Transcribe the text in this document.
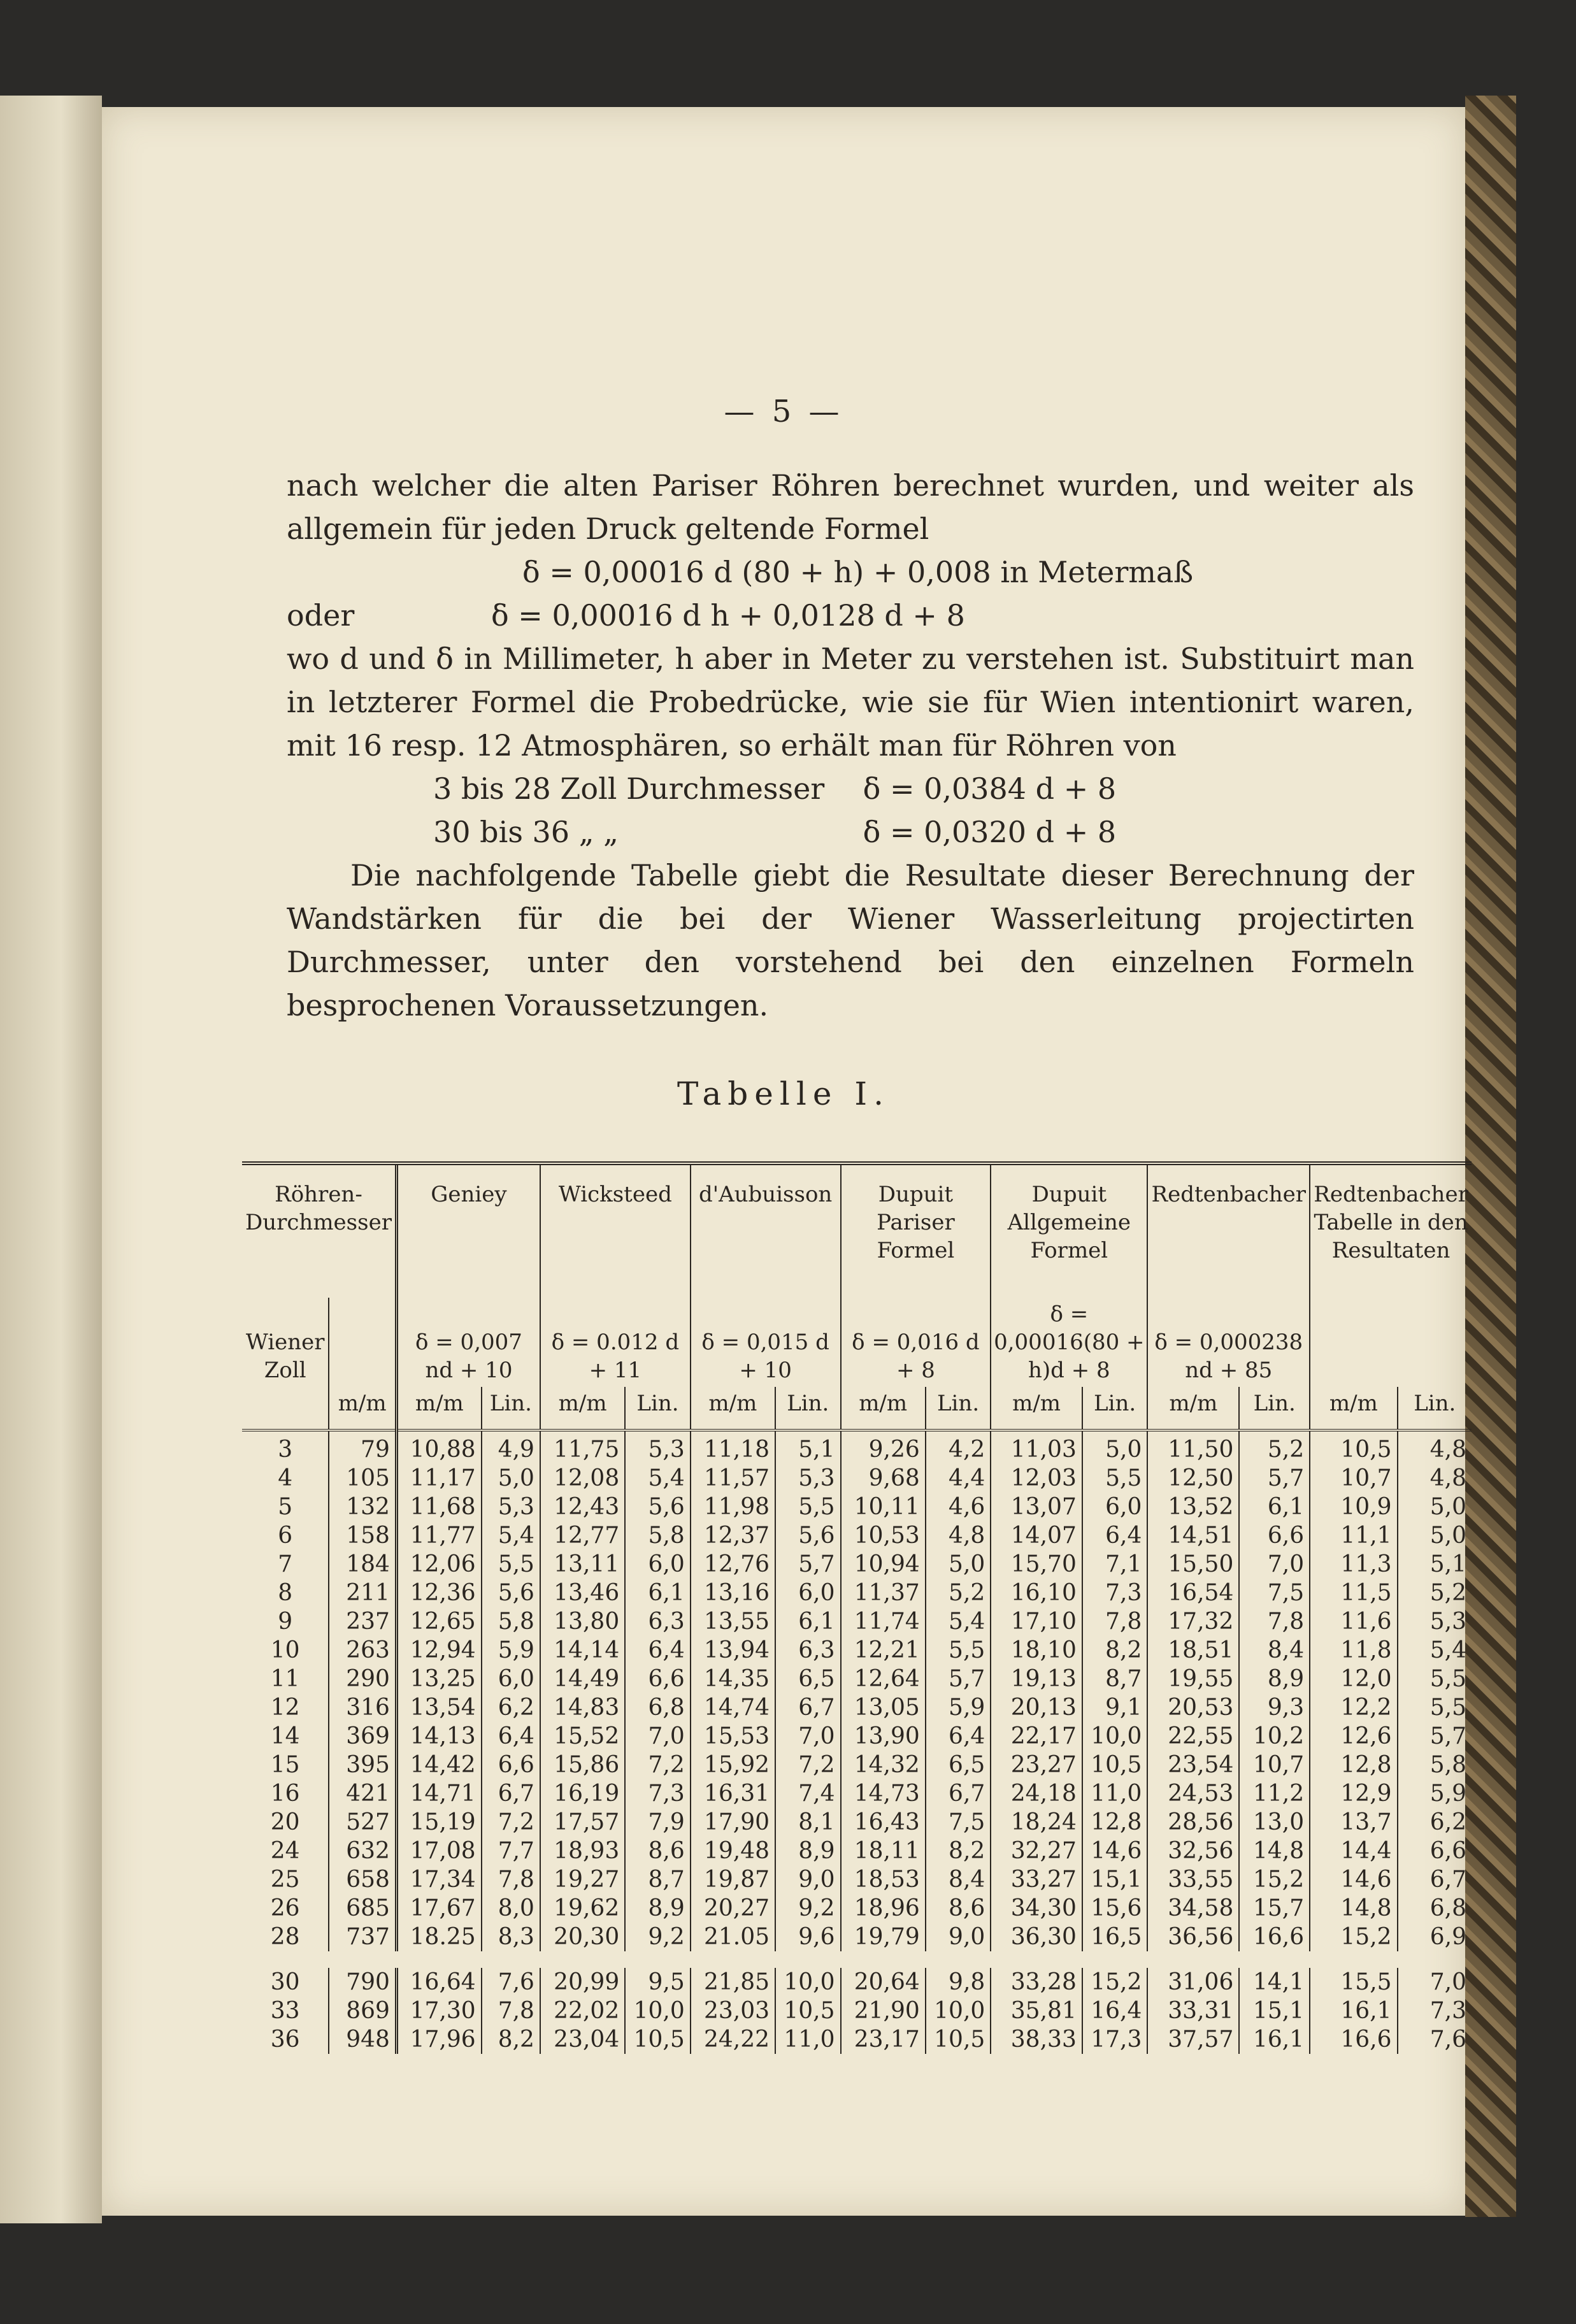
— 5 —

nach welcher die alten Pariser Röhren berechnet wurden, und weiter als allgemein für jeden Druck geltende Formel

δ = 0,00016 d (80 + h) + 0,008 in Metermaß

oder	δ = 0,00016 d h + 0,0128 d + 8

wo d und δ in Millimeter, h aber in Meter zu verstehen ist. Substituirt man in letzterer Formel die Probedrücke, wie sie für Wien intentionirt waren, mit 16 resp. 12 Atmosphären, so erhält man für Röhren von

3 bis 28 Zoll Durchmesser δ = 0,0384 d + 8

30 bis 36 „ „	δ = 0,0320 d + 8

Die nachfolgende Tabelle giebt die Resultate dieser Berechnung der Wandstärken für die bei der Wiener Wasserleitung projectirten Durchmesser, unter den vorstehend bei den einzelnen Formeln besprochenen Voraussetzungen.

Tabelle I.
Röhren-Durchmesser		Geniey		Wicksteed		d'Aubuisson		Dupuit Pariser Formel		Dupuit Allgemeine Formel		Redtenbacher		Redtenbacher Tabelle in den Resultaten	
Wiener Zoll		δ = 0,007 nd + 10		δ = 0.012 d + 11		δ = 0,015 d + 10		δ = 0,016 d + 8		δ = 0,00016(80 + h)d + 8		δ = 0,000238 nd + 85			
	m/m	m/m	Lin.	m/m	Lin.	m/m	Lin.	m/m	Lin.	m/m	Lin.	m/m	Lin.	m/m	Lin.
3	79	10,88	4,9	11,75	5,3	11,18	5,1	9,26	4,2	11,03	5,0	11,50	5,2	10,5	4,8
4	105	11,17	5,0	12,08	5,4	11,57	5,3	9,68	4,4	12,03	5,5	12,50	5,7	10,7	4,8
5	132	11,68	5,3	12,43	5,6	11,98	5,5	10,11	4,6	13,07	6,0	13,52	6,1	10,9	5,0
6	158	11,77	5,4	12,77	5,8	12,37	5,6	10,53	4,8	14,07	6,4	14,51	6,6	11,1	5,0
7	184	12,06	5,5	13,11	6,0	12,76	5,7	10,94	5,0	15,70	7,1	15,50	7,0	11,3	5,1
8	211	12,36	5,6	13,46	6,1	13,16	6,0	11,37	5,2	16,10	7,3	16,54	7,5	11,5	5,2
9	237	12,65	5,8	13,80	6,3	13,55	6,1	11,74	5,4	17,10	7,8	17,32	7,8	11,6	5,3
10	263	12,94	5,9	14,14	6,4	13,94	6,3	12,21	5,5	18,10	8,2	18,51	8,4	11,8	5,4
11	290	13,25	6,0	14,49	6,6	14,35	6,5	12,64	5,7	19,13	8,7	19,55	8,9	12,0	5,5
12	316	13,54	6,2	14,83	6,8	14,74	6,7	13,05	5,9	20,13	9,1	20,53	9,3	12,2	5,5
14	369	14,13	6,4	15,52	7,0	15,53	7,0	13,90	6,4	22,17	10,0	22,55	10,2	12,6	5,7
15	395	14,42	6,6	15,86	7,2	15,92	7,2	14,32	6,5	23,27	10,5	23,54	10,7	12,8	5,8
16	421	14,71	6,7	16,19	7,3	16,31	7,4	14,73	6,7	24,18	11,0	24,53	11,2	12,9	5,9
20	527	15,19	7,2	17,57	7,9	17,90	8,1	16,43	7,5	18,24	12,8	28,56	13,0	13,7	6,2
24	632	17,08	7,7	18,93	8,6	19,48	8,9	18,11	8,2	32,27	14,6	32,56	14,8	14,4	6,6
25	658	17,34	7,8	19,27	8,7	19,87	9,0	18,53	8,4	33,27	15,1	33,55	15,2	14,6	6,7
26	685	17,67	8,0	19,62	8,9	20,27	9,2	18,96	8,6	34,30	15,6	34,58	15,7	14,8	6,8
28	737	18.25	8,3	20,30	9,2	21.05	9,6	19,79	9,0	36,30	16,5	36,56	16,6	15,2	6,9

30	790	16,64	7,6	20,99	9,5	21,85	10,0	20,64	9,8	33,28	15,2	31,06	14,1	15,5	7,0
33	869	17,30	7,8	22,02	10,0	23,03	10,5	21,90	10,0	35,81	16,4	33,31	15,1	16,1	7,3
36	948	17,96	8,2	23,04	10,5	24,22	11,0	23,17	10,5	38,33	17,3	37,57	16,1	16,6	7,6
